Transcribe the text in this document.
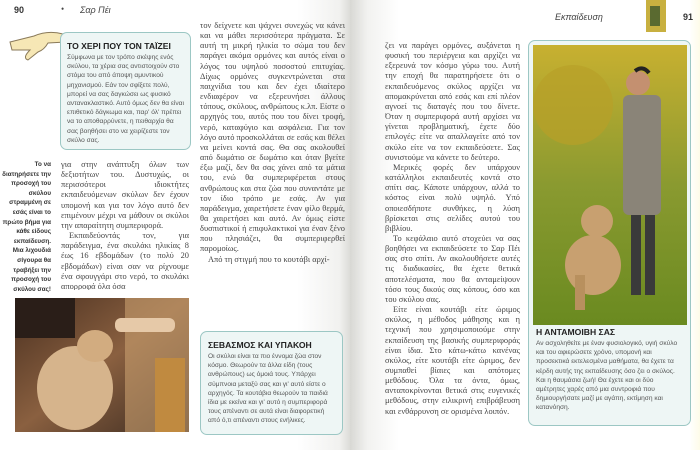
90	• Σαρ Πέι
ΤΟ ΧΕΡΙ ΠΟΥ ΤΟΝ ΤΑΪΖΕΙ
Σύμφωνα με τον τρόπο σκέψης ενός σκύλου, τα χέρια σας αντιστοιχούν στο στόμα του από άποψη αμυντικού μηχανισμού. Εάν τον σφίξετε πολύ, μπορεί να σας δαγκώσει ως φυσικό αντανακλαστικό. Αυτό όμως δεν θα είναι επιθετικό δάγκωμα και, παρ' όλ' πρέπει να το αποθαρρύνετε, η πειθαρχία θα σας βοηθήσει στο να χειρίζεστε τον σκύλο σας.
Το να διατηρήσετε την προσοχή του σκύλου στραμμένη σε εσάς είναι το πρώτο βήμα για κάθε είδους εκπαίδευση. Μια λιχουδιά σίγουρα θα τραβήξει την προσοχή του σκύλου σας!

για στην ανάπτυξη όλων των δεξιοτήτων του. Δυστυχώς, οι περισσότεροι ιδιοκτήτες εκπαιδευόμενων σκύλων δεν έχουν υπομονή και για τον λόγο αυτό δεν επιμένουν μέχρι να μάθουν οι σκύλοι την απαραίτητη συμπεριφορά.

Εκπαιδεύοντάς τον, για παράδειγμα, ένα σκυλάκι ηλικίας 8 έως 16 εβδομάδων (το πολύ 20 εβδομάδων) είναι σαν να ρίχνουμε ένα σφουγγάρι στο νερό, το σκυλάκι απορροφά όλα όσα

τον δείχνετε και ψάχνει συνεχώς να κάνει και να μάθει περισσότερα πράγματα. Σε αυτή τη μικρή ηλικία το σώμα του δεν παράγει ακόμα ορμόνες και αυτός είναι ο λόγος του υψηλού ποσοστού επιτυχίας. Δίχως ορμόνες συγκεντρώνεται στα παιχνίδια του και δεν έχει ιδιαίτερο ενδιαφέρον να εξερευνήσει άλλους τόπους, σκύλους, ανθρώπους κ.λπ. Είστε ο αρχηγός του, αυτός που του δίνει τροφή, νερό, καταφύγιο και ασφάλεια. Για τον λόγο αυτό προσκολλάται σε εσάς και θέλει να μείνει κοντά σας. Θα σας ακολουθεί από δωμάτιο σε δωμάτιο και όταν βγείτε έξω μαζί, δεν θα σας χάνει από τα μάτια του, ενώ θα συμπεριφέρεται στους ανθρώπους και στα ζώα που συναντάτε με τον ίδιο τρόπο με εσάς. Αν για παράδειγμα, χαιρετήσετε έναν φίλο θερμά, θα χαιρετήσει και αυτό. Αν όμως είστε δυσπιστικοί ή επιφυλακτικοί για έναν ξένο που πλησιάζει, θα συμπεριφερθεί παρομοίως.

Από τη στιγμή που το κουτάβι αρχί-

ΣΕΒΑΣΜΟΣ ΚΑΙ ΥΠΑΚΟΗ
Οι σκύλοι είναι τα πιο έννομα ζώα στον κόσμο. Θεωρούν τα άλλα είδη (τους ανθρώπους) ως όμοιά τους. Υπάρχει σύμπνοια μεταξύ σας και γι' αυτό είστε ο αρχηγός. Τα κουτάβια θεωρούν τα παιδιά ίδια με εκείνα και γι' αυτό η συμπεριφορά τους απέναντι σε αυτά είναι διαφορετική από ό,τι απέναντι στους ενήλικες.
Εκπαίδευση	91

ζει να παράγει ορμόνες, αυξάνεται η φυσική του περιέργεια και αρχίζει να εξερευνά τον κόσμο γύρω του. Αυτή την εποχή θα παρατηρήσετε ότι ο εκπαιδευόμενος σκύλος αρχίζει να απομακρύνεται από εσάς και επί πλέον αγνοεί τις διαταγές που του δίνετε. Όταν η συμπεριφορά αυτή αρχίσει να γίνεται προβληματική, έχετε δύο επιλογές: είτε να απαλλαγείτε από τον σκύλο είτε να τον εκπαιδεύσετε. Σας συνιστούμε να κάνετε το δεύτερο.

Μερικές φορές δεν υπάρχουν κατάλληλοι εκπαιδευτές κοντά στο σπίτι σας. Κάποτε υπάρχουν, αλλά το κόστος είναι πολύ υψηλό. Υπό οποιεσδήποτε συνθήκες, η λύση βρίσκεται στις σελίδες αυτού του βιβλίου.

Το κεφάλαιο αυτό στοχεύει να σας βοηθήσει να εκπαιδεύσετε το Σαρ Πέι σας στο σπίτι. Αν ακολουθήσετε αυτές τις διαδικασίες, θα έχετε θετικά αποτελέσματα, που θα ανταμείψουν τόσο τους δικούς σας κόπους, όσο και του σκύλου σας.

Είτε είναι κουτάβι είτε ώριμος σκύλος, η μέθοδος μάθησης και η τεχνική που χρησιμοποιούμε στην εκπαίδευση της βασικής συμπεριφοράς είναι ίδια. Στο κάτω-κάτω κανένας σκύλος, είτε κουτάβι είτε ώριμος, δεν συμπαθεί βίαιες και απότομες μεθόδους. Όλα τα όντα, όμως, ανταποκρίνονται θετικά στις ευγενικές μεθόδους, στην ειλικρινή επιβράβευση και ενθάρρυνση σε ορισμένα λοιπόν.

Η ΑΝΤΑΜΟΙΒΗ ΣΑΣ
Αν ασχοληθείτε με έναν φυσιολογικό, υγιή σκύλο και του αφιερώσετε χρόνο, υπομονή και προσεκτικά εκτελεσμένα μαθήματα, θα έχετε τα κέρδη αυτής της εκπαίδευσης όσο ζει ο σκύλος. Και η θαυμάσια ζωή! Θα έχετε και οι δύο αμέτρητες χαρές από μια συντροφιά που δημιουργήσατε μαζί με αγάπη, εκτίμηση και κατανόηση.
